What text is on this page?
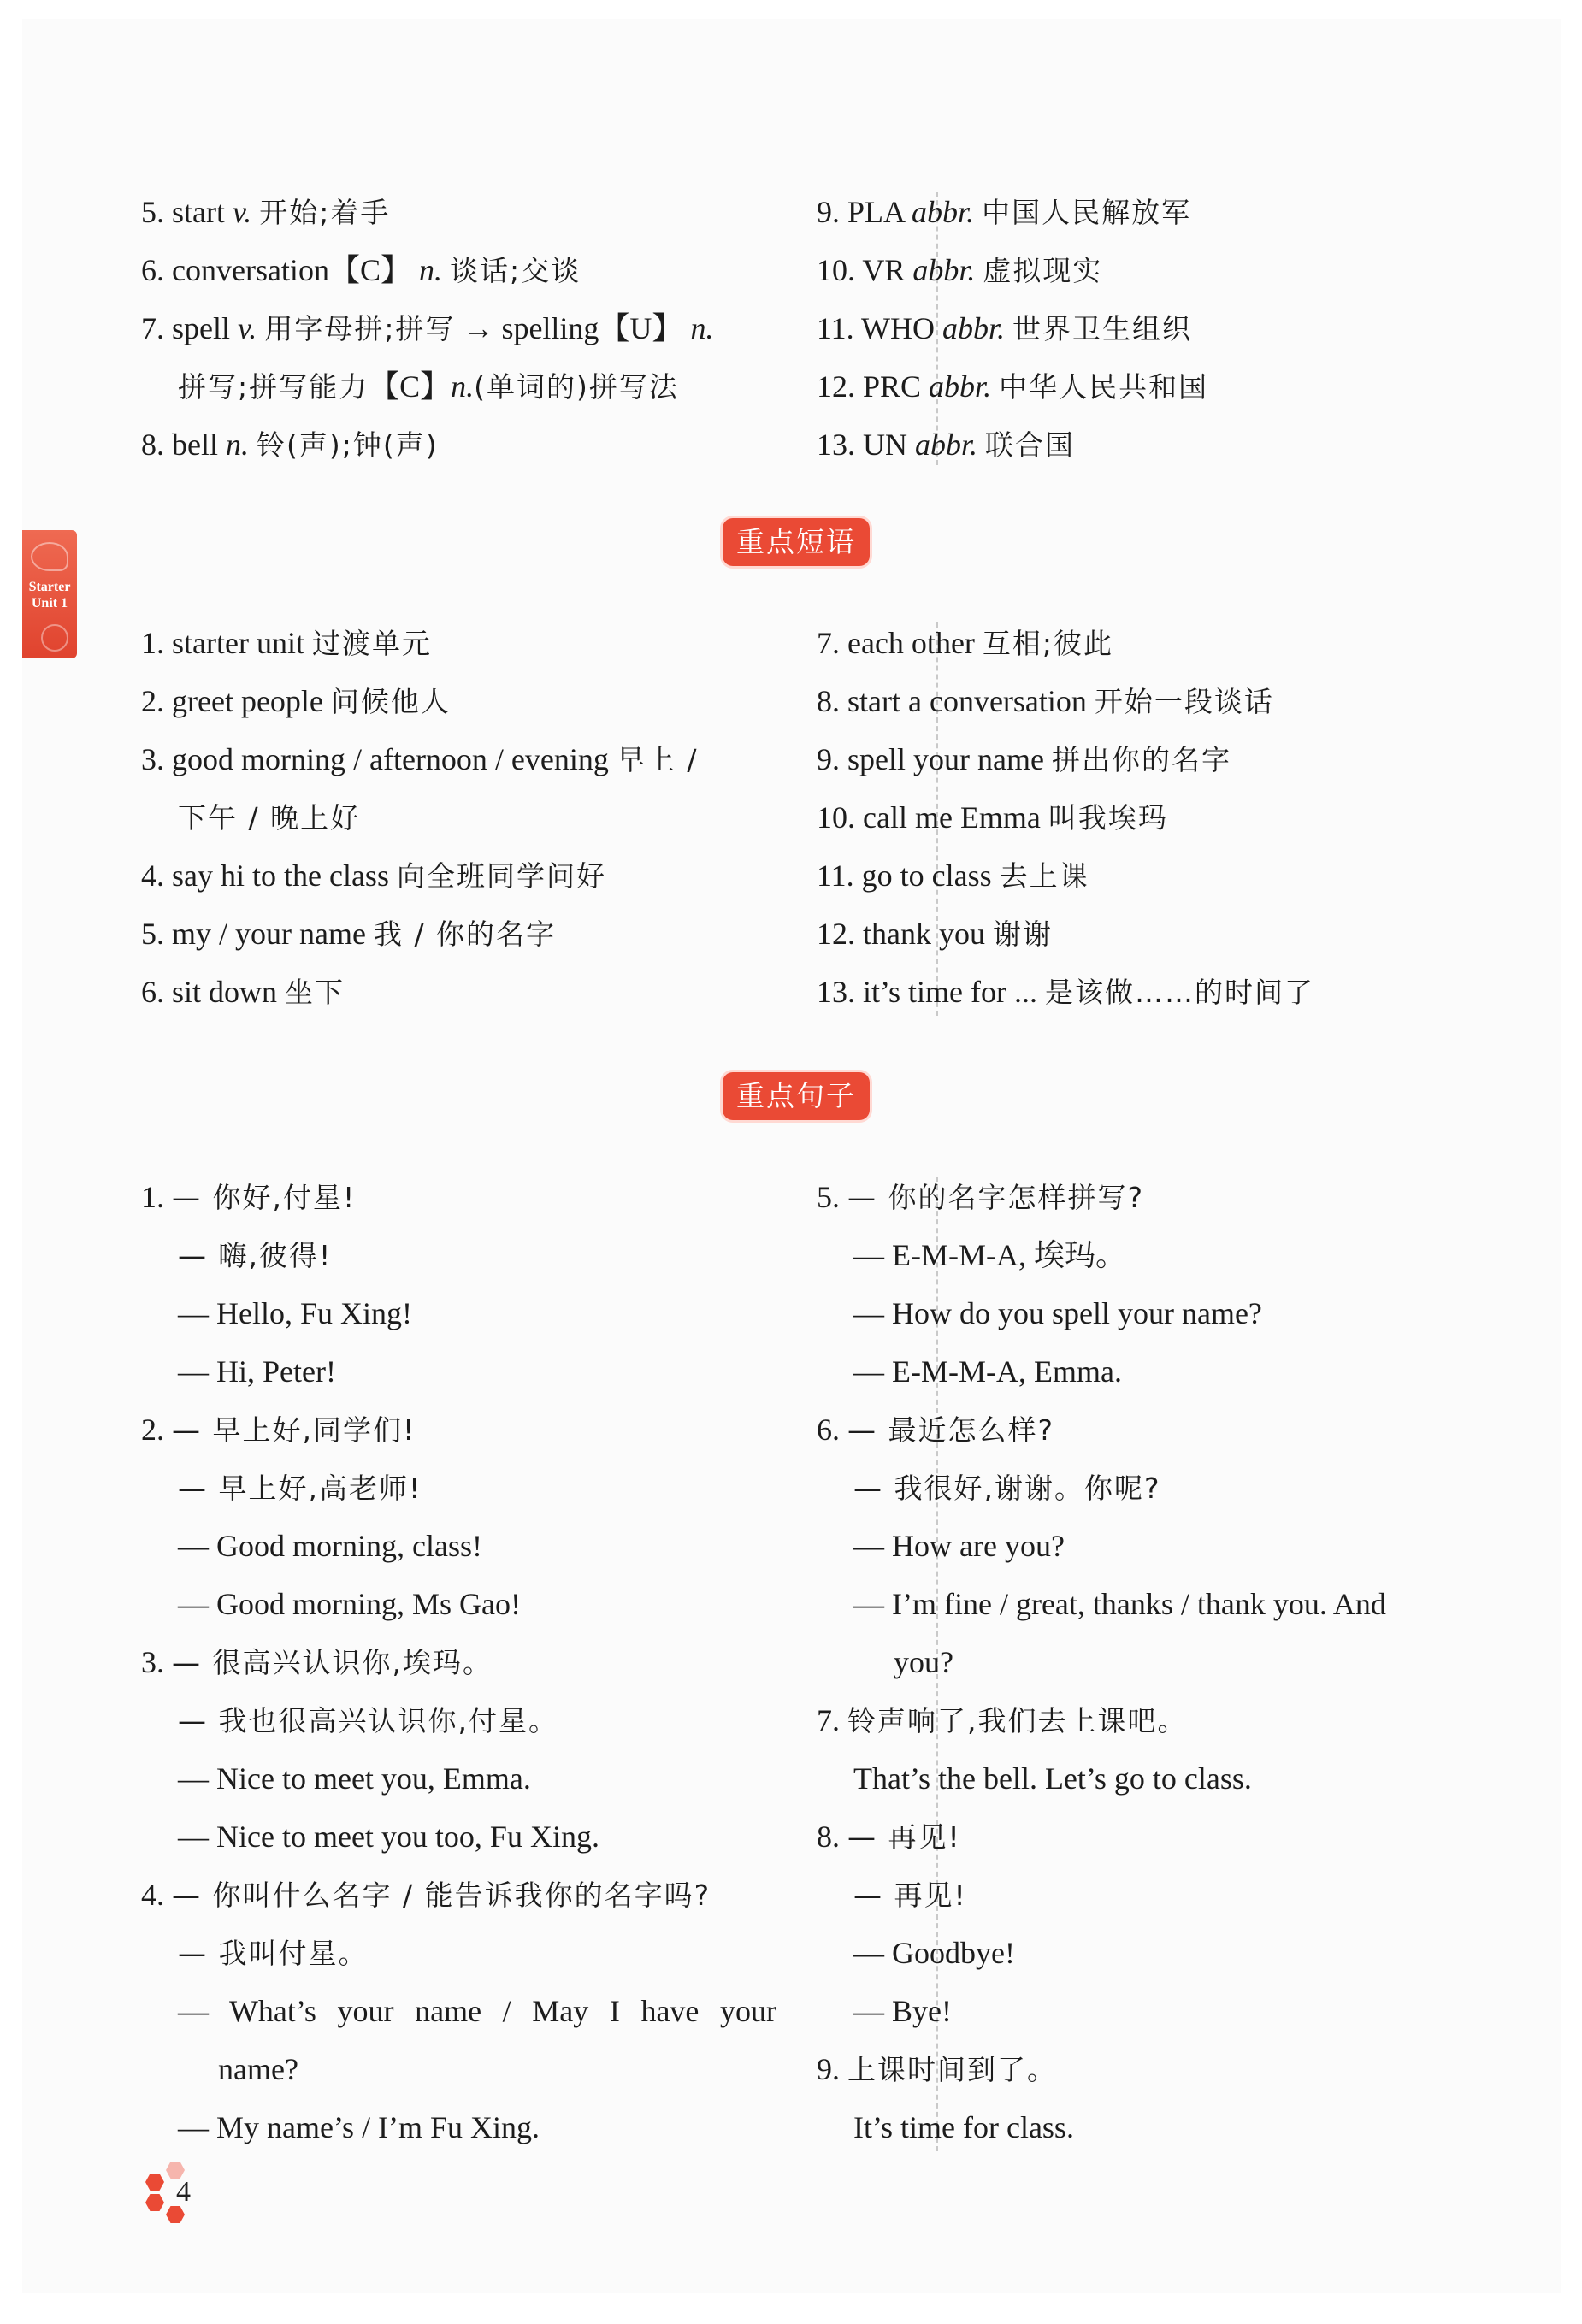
Starter
Unit 1
5. start v. 开始;着手
6. conversation【C】 n. 谈话;交谈
7. spell v. 用字母拼;拼写 → spelling【U】 n.
拼写;拼写能力【C】n.(单词的)拼写法
8. bell n. 铃(声);钟(声)
9. PLA abbr. 中国人民解放军
10. VR abbr. 虚拟现实
11. WHO abbr. 世界卫生组织
12. PRC abbr. 中华人民共和国
13. UN abbr. 联合国
重点短语
1. starter unit 过渡单元
2. greet people 问候他人
3. good morning / afternoon / evening 早上 /
下午 / 晚上好
4. say hi to the class 向全班同学问好
5. my / your name 我 / 你的名字
6. sit down 坐下
7. each other 互相;彼此
8. start a conversation 开始一段谈话
9. spell your name 拼出你的名字
10. call me Emma 叫我埃玛
11. go to class 去上课
12. thank you 谢谢
13. it’s time for ... 是该做……的时间了
重点句子
1. — 你好,付星!
— 嗨,彼得!
— Hello, Fu Xing!
— Hi, Peter!
2. — 早上好,同学们!
— 早上好,高老师!
— Good morning, class!
— Good morning, Ms Gao!
3. — 很高兴认识你,埃玛。
— 我也很高兴认识你,付星。
— Nice to meet you, Emma.
— Nice to meet you too, Fu Xing.
4. — 你叫什么名字 / 能告诉我你的名字吗?
— 我叫付星。
— What’s your name / May I have your
name?
— My name’s / I’m Fu Xing.
5. — 你的名字怎样拼写?
— E-M-M-A, 埃玛。
— How do you spell your name?
— E-M-M-A, Emma.
6. — 最近怎么样?
— 我很好,谢谢。你呢?
— How are you?
— I’m fine / great, thanks / thank you. And
you?
7. 铃声响了,我们去上课吧。
That’s the bell. Let’s go to class.
8. — 再见!
— 再见!
— Goodbye!
— Bye!
9. 上课时间到了。
It’s time for class.
4
